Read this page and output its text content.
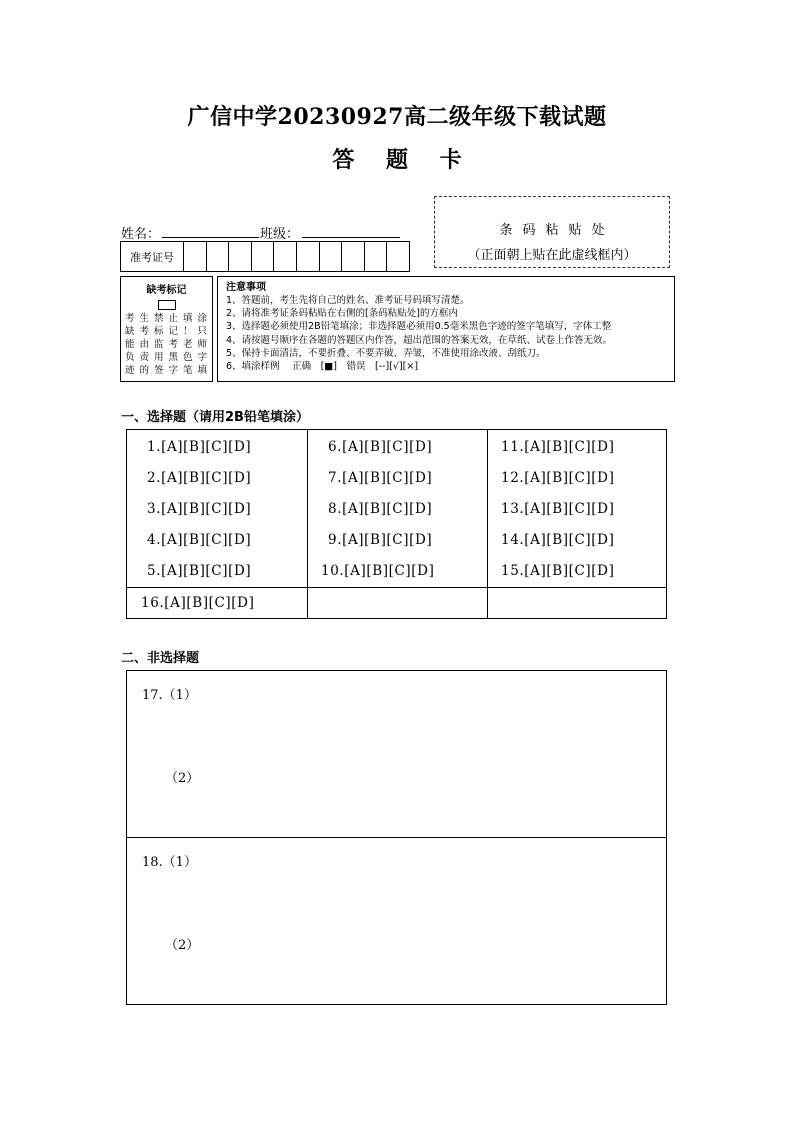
广信中学20230927高二级年级下载试题
答 题 卡
姓名：	班级：	条码粘贴处
（正面朝上贴在此虚线框内）
准考证号
缺考标记
考生禁止填涂
缺考标记！只
能由监考老师
负责用黑色字
迹的签字笔填
注意事项
1、答题前，考生先将自己的姓名、准考证号码填写清楚。
2、请将准考证条码粘贴在右侧的[条码粘贴处]的方框内
3、选择题必须使用2B铅笔填涂；非选择题必须用0.5毫米黑色字迹的签字笔填写，字体工整
4、请按题号顺序在各题的答题区内作答，超出范围的答案无效，在草纸、试卷上作答无效。
5、保持卡面清洁，不要折叠、不要弄破、弄皱，不准使用涂改液、刮纸刀。
6、填涂样例　 正确　[■]　错误　[--][√][×]
一、选择题（请用2B铅笔填涂）
1.[A][B][C][D]
2.[A][B][C][D]
3.[A][B][C][D]
4.[A][B][C][D]
5.[A][B][C][D]
16.[A][B][C][D]
6.[A][B][C][D]
7.[A][B][C][D]
8.[A][B][C][D]
9.[A][B][C][D]
10.[A][B][C][D]
11.[A][B][C][D]
12.[A][B][C][D]
13.[A][B][C][D]
14.[A][B][C][D]
15.[A][B][C][D]
二、非选择题
17.（1）
（2）
18.（1）
（2）
